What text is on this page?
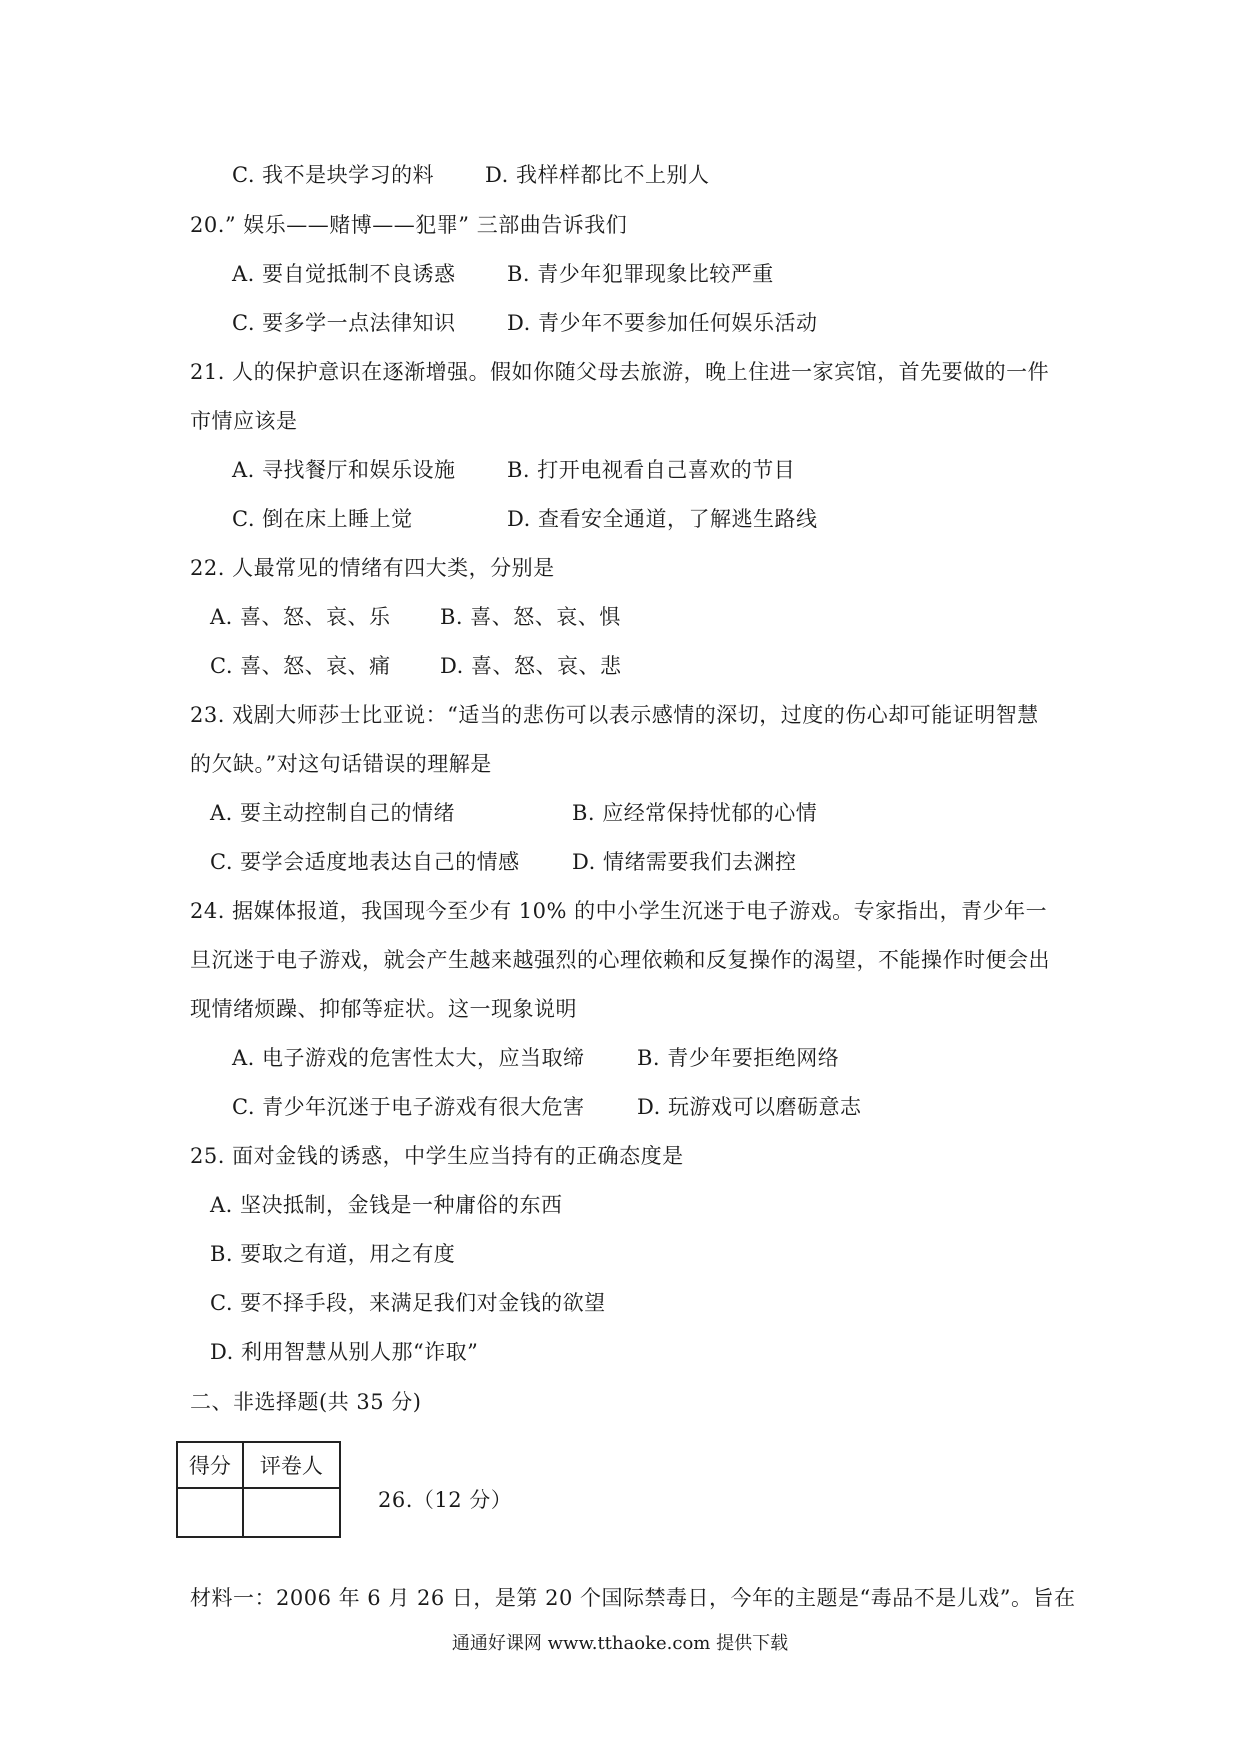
C. 我不是块学习的料 D. 我样样都比不上别人
20.” 娱乐——赌博——犯罪” 三部曲告诉我们
A. 要自觉抵制不良诱惑 B. 青少年犯罪现象比较严重
C. 要多学一点法律知识 D. 青少年不要参加任何娱乐活动
21. 人的保护意识在逐渐增强。假如你随父母去旅游，晚上住进一家宾馆，首先要做的一件
市情应该是
A. 寻找餐厅和娱乐设施 B. 打开电视看自己喜欢的节目
C. 倒在床上睡上觉	D. 查看安全通道，了解逃生路线
22. 人最常见的情绪有四大类，分别是
A. 喜、怒、哀、乐 B. 喜、怒、哀、惧
C. 喜、怒、哀、痛 D. 喜、怒、哀、悲
23. 戏剧大师莎士比亚说：“适当的悲伤可以表示感情的深切，过度的伤心却可能证明智慧
的欠缺。”对这句话错误的理解是
A. 要主动控制自己的情绪	B. 应经常保持忧郁的心情
C. 要学会适度地表达自己的情感 D. 情绪需要我们去渊控
24. 据媒体报道，我国现今至少有 10% 的中小学生沉迷于电子游戏。专家指出，青少年一
旦沉迷于电子游戏，就会产生越来越强烈的心理依赖和反复操作的渴望，不能操作时便会出
现情绪烦躁、抑郁等症状。这一现象说明
A. 电子游戏的危害性太大，应当取缔 B. 青少年要拒绝网络
C. 青少年沉迷于电子游戏有很大危害 D. 玩游戏可以磨砺意志
25. 面对金钱的诱惑，中学生应当持有的正确态度是
A. 坚决抵制，金钱是一种庸俗的东西
B. 要取之有道，用之有度
C. 要不择手段，来满足我们对金钱的欲望
D. 利用智慧从别人那“诈取”
二、非选择题(共 35 分)
得分	评卷人

26.（12 分）
材料一：2006 年 6 月 26 日，是第 20 个国际禁毒日，今年的主题是“毒品不是儿戏”。旨在
通通好课网 www.tthaoke.com 提供下载
